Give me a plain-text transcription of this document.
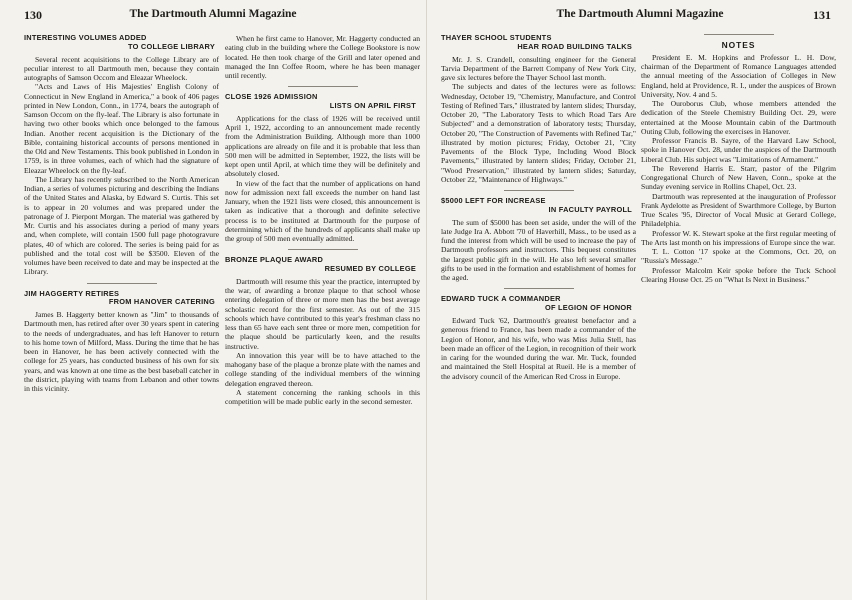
130	The Dartmouth Alumni Magazine
INTERESTING VOLUMES ADDED
TO COLLEGE LIBRARY

Several recent acquisitions to the College Library are of peculiar interest to all Dartmouth men, because they contain autographs of Samson Occom and Eleazar Wheelock.

"Acts and Laws of His Majesties' English Colony of Connecticut in New England in America," a book of 406 pages printed in New London, Conn., in 1774, bears the autograph of Samson Occom on the fly-leaf. The Library is also fortunate in having two other books which once belonged to the famous Indian. Another recent acquisition is the Dictionary of the Bible, containing historical accounts of persons mentioned in the Old and New Testaments. This book published in London in 1759, is in three volumes, each of which had the signature of Eleazar Wheelock on the fly-leaf.

The Library has recently subscribed to the North American Indian, a series of volumes picturing and describing the Indians of the United States and Alaska, by Edward S. Curtis. This set is to appear in 20 volumes and was prepared under the patronage of J. Pierpont Morgan. The material was gathered by Mr. Curtis and his associates during a period of many years and, when complete, will contain 1500 full page photogravure plates, 40 of which are colored. The series is being paid for as published and the total cost will be $3500. Eleven of the volumes have been received to date and may be inspected at the Library.

JIM HAGGERTY RETIRES
FROM HANOVER CATERING

James B. Haggerty better known as "Jim" to thousands of Dartmouth men, has retired after over 30 years spent in catering to the needs of undergraduates, and has left Hanover to return to his home town of Milford, Mass. During the time that he has been in Hanover, he has been actively connected with the college for 25 years, has conducted business of his own for six years, and was known at one time as the best baseball catcher in the district, playing with teams from Lebanon and other towns in this vicinity.

When he first came to Hanover, Mr. Haggerty conducted an eating club in the building where the College Bookstore is now located. He then took charge of the Grill and later opened and managed the Inn Coffee Room, where he has been manager until recently.

CLOSE 1926 ADMISSION
LISTS ON APRIL FIRST

Applications for the class of 1926 will be received until April 1, 1922, according to an announcement made recently from the Administration Building. Although more than 1000 applications are already on file and it is probable that less than 500 men will be admitted in September, 1922, the lists will be kept open until April, at which time they will be definitely and absolutely closed.

In view of the fact that the number of applications on hand now for admission next fall exceeds the number on hand last January, when the 1921 lists were closed, this announcement is taken as indicative that a thorough and definite selective process is to be instituted at Dartmouth for the purpose of determining which of the hundreds of applicants shall make up the group of 500 men eventually admitted.

BRONZE PLAQUE AWARD
RESUMED BY COLLEGE

Dartmouth will resume this year the practice, interrupted by the war, of awarding a bronze plaque to that school whose entering delegation of three or more men has the best average scholastic record for the first semester. As out of the 315 schools which have contributed to this year's freshman class no less than 65 have each sent three or more men, competition for the plaque should be particularly keen, and the results instructive.

An innovation this year will be to have attached to the mahogany base of the plaque a bronze plate with the names and college standing of the individual members of the winning delegation engraved thereon.

A statement concerning the ranking schools in this competition will be made public early in the second semester.

The Dartmouth Alumni Magazine	131
THAYER SCHOOL STUDENTS
HEAR ROAD BUILDING TALKS

Mr. J. S. Crandell, consulting engineer for the General Tarvia Department of the Barrett Company of New York City, gave six lectures before the Thayer School last month.

The subjects and dates of the lectures were as follows: Wednesday, October 19, "Chemistry, Manufacture, and Control Testing of Refined Tars," illustrated by lantern slides; Thursday, October 20, "The Laboratory Tests to which Road Tars Are Subjected" and a demonstration of laboratory tests; Thursday, October 20, "The Construction of Pavements with Refined Tar," illustrated by motion pictures; Friday, October 21, "City Pavements of the Block Type, Including Wood Block Pavements," illustrated by lantern slides; Friday, October 21, "Wood Preservation," illustrated by lantern slides; Saturday, October 22, "Maintenance of Highways."

$5000 LEFT FOR INCREASE
IN FACULTY PAYROLL

The sum of $5000 has been set aside, under the will of the late Judge Ira A. Abbott '70 of Haverhill, Mass., to be used as a fund the interest from which will be used to increase the pay of Dartmouth professors and instructors. This bequest constitutes the largest public gift in the will. He also left several smaller gifts to be used in the formation and establishment of homes for the aged.

EDWARD TUCK A COMMANDER
OF LEGION OF HONOR

Edward Tuck '62, Dartmouth's greatest benefactor and a generous friend to France, has been made a commander of the Legion of Honor, and his wife, who was Miss Julia Stell, has been made an officer of the Legion, in recognition of their work in caring for the wounded during the war. Mr. Tuck, founded and maintained the Stell Hospital at Rueil. He is a member of the advisory council of the American Red Cross in Europe.

NOTES

President E. M. Hopkins and Professor L. H. Dow, chairman of the Department of Romance Languages attended the annual meeting of the Association of Colleges in New England, held at Providence, R. I., under the auspices of Brown University, Nov. 4 and 5.

The Ouroborus Club, whose members attended the dedication of the Steele Chemistry Building Oct. 29, were entertained at the Moose Mountain cabin of the Dartmouth Outing Club, following the exercises in Hanover.

Professor Francis B. Sayre, of the Harvard Law School, spoke in Hanover Oct. 28, under the auspices of the Dartmouth Liberal Club. His subject was "Limitations of Armament."

The Reverend Harris E. Starr, pastor of the Pilgrim Congregational Church of New Haven, Conn., spoke at the Sunday evening service in Rollins Chapel, Oct. 23.

Dartmouth was represented at the inauguration of Professor Frank Aydelotte as President of Swarthmore College, by Burton True Scales '95, Director of Vocal Music at Gerard College, Philadelphia.

Professor W. K. Stewart spoke at the first regular meeting of The Arts last month on his impressions of Europe since the war.

T. L. Cotton '17 spoke at the Commons, Oct. 20, on "Russia's Message."

Professor Malcolm Keir spoke before the Tuck School Clearing House Oct. 25 on "What Is Next in Business."
